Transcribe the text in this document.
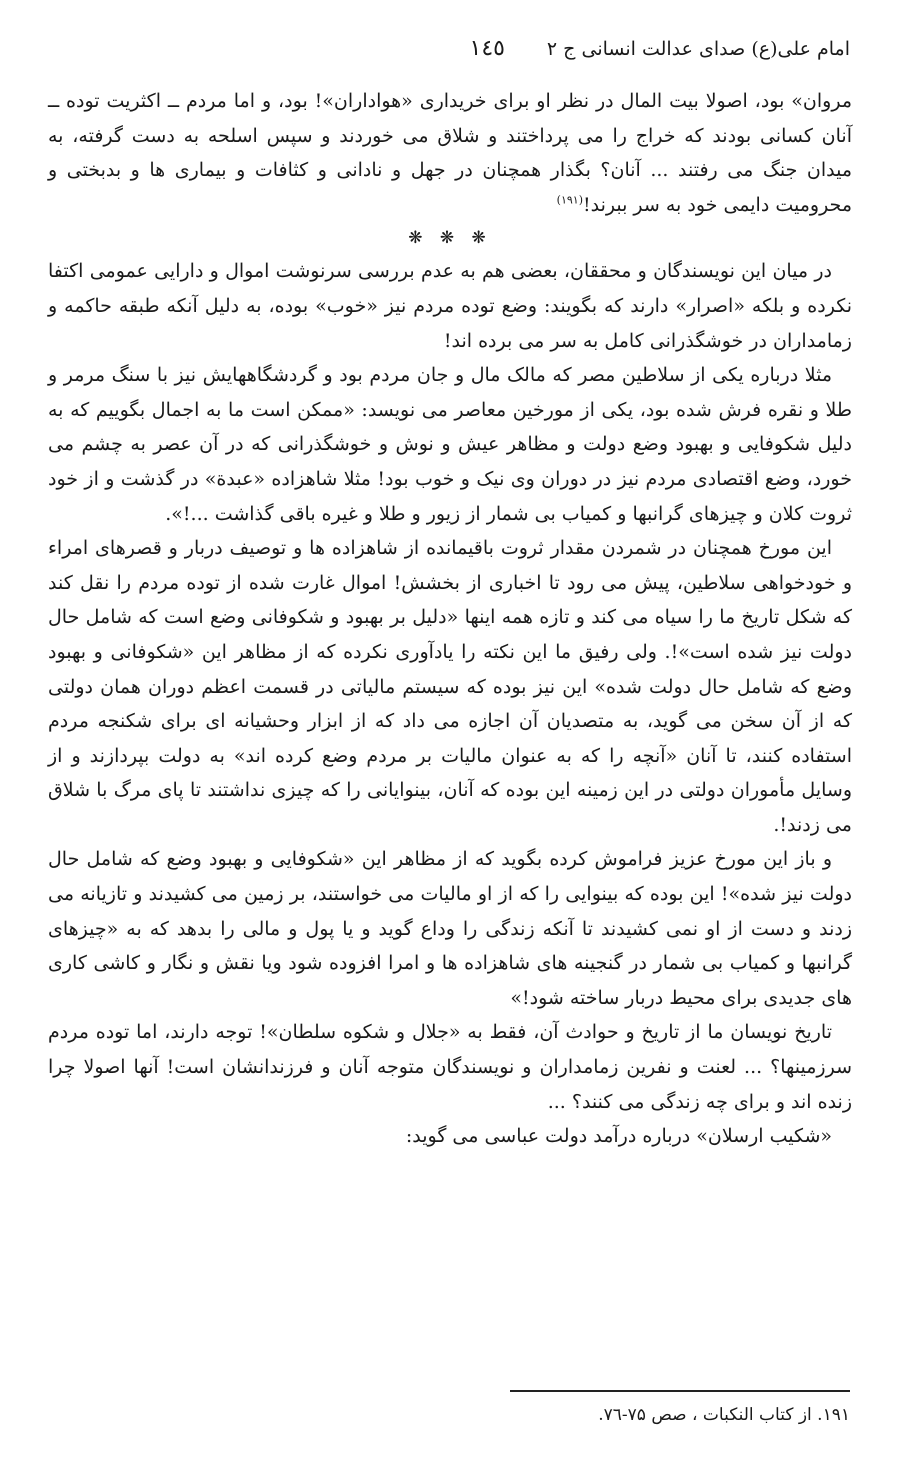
امام علی(ع) صدای عدالت انسانی ج ۲
۱٤٥

مروان» بود، اصولا بیت المال در نظر او برای خریداری «هواداران»! بود، و اما مردم ــ اکثریت توده ــ آنان کسانی بودند که خراج را می پرداختند و شلاق می خوردند و سپس اسلحه به دست گرفته، به میدان جنگ می رفتند ... آنان؟ بگذار همچنان در جهل و نادانی و کثافات و بیماری ها و بدبختی و محرومیت دایمی خود به سر ببرند!$^{(۱۹۱)}$

❋ ❋ ❋

در میان این نویسندگان و محققان، بعضی هم به عدم بررسی سرنوشت اموال و دارایی عمومی اکتفا نکرده و بلکه «اصرار» دارند که بگویند: وضع توده مردم نیز «خوب» بوده، به دلیل آنکه طبقه حاکمه و زمامداران در خوشگذرانی کامل به سر می برده اند!

مثلا درباره یکی از سلاطین مصر که مالک مال و جان مردم بود و گردشگاههایش نیز با سنگ مرمر و طلا و نقره فرش شده بود، یکی از مورخین معاصر می نویسد: «ممکن است ما به اجمال بگوییم که به دلیل شکوفایی و بهبود وضع دولت و مظاهر عیش و نوش و خوشگذرانی که در آن عصر به چشم می خورد، وضع اقتصادی مردم نیز در دوران وی نیک و خوب بود! مثلا شاهزاده «عبدة» در گذشت و از خود ثروت کلان و چیزهای گرانبها و کمیاب بی شمار از زیور و طلا و غیره باقی گذاشت ...!».

این مورخ همچنان در شمردن مقدار ثروت باقیمانده از شاهزاده ها و توصیف دربار و قصرهای امراء و خودخواهی سلاطین، پیش می رود تا اخباری از بخشش! اموال غارت شده از توده مردم را نقل کند که شکل تاریخ ما را سیاه می کند و تازه همه اینها «دلیل بر بهبود و شکوفانی وضع است که شامل حال دولت نیز شده است»!. ولی رفیق ما این نکته را یادآوری نکرده که از مظاهر این «شکوفانی و بهبود وضع که شامل حال دولت شده» این نیز بوده که سیستم مالیاتی در قسمت اعظم دوران همان دولتی که از آن سخن می گوید، به متصدیان آن اجازه می داد که از ابزار وحشیانه ای برای شکنجه مردم استفاده کنند، تا آنان «آنچه را که به عنوان مالیات بر مردم وضع کرده اند» به دولت بپردازند و از وسایل مأموران دولتی در این زمینه این بوده که آنان، بینوایانی را که چیزی نداشتند تا پای مرگ با شلاق می زدند!.

و باز این مورخ عزیز فراموش کرده بگوید که از مظاهر این «شکوفایی و بهبود وضع که شامل حال دولت نیز شده»! این بوده که بینوایی را که از او مالیات می خواستند، بر زمین می کشیدند و تازیانه می زدند و دست از او نمی کشیدند تا آنکه زندگی را وداع گوید و یا پول و مالی را بدهد که به «چیزهای گرانبها و کمیاب بی شمار در گنجینه های شاهزاده ها و امرا افزوده شود ویا نقش و نگار و کاشی کاری های جدیدی برای محیط دربار ساخته شود!»

تاریخ نویسان ما از تاریخ و حوادث آن، فقط به «جلال و شکوه سلطان»! توجه دارند، اما توده مردم سرزمینها؟ ... لعنت و نفرین زمامداران و نویسندگان متوجه آنان و فرزندانشان است! آنها اصولا چرا زنده اند و برای چه زندگی می کنند؟ ...

«شکیب ارسلان» درباره درآمد دولت عباسی می گوید:

۱۹۱. از کتاب النکبات ، صص ۷۵-۷٦.
